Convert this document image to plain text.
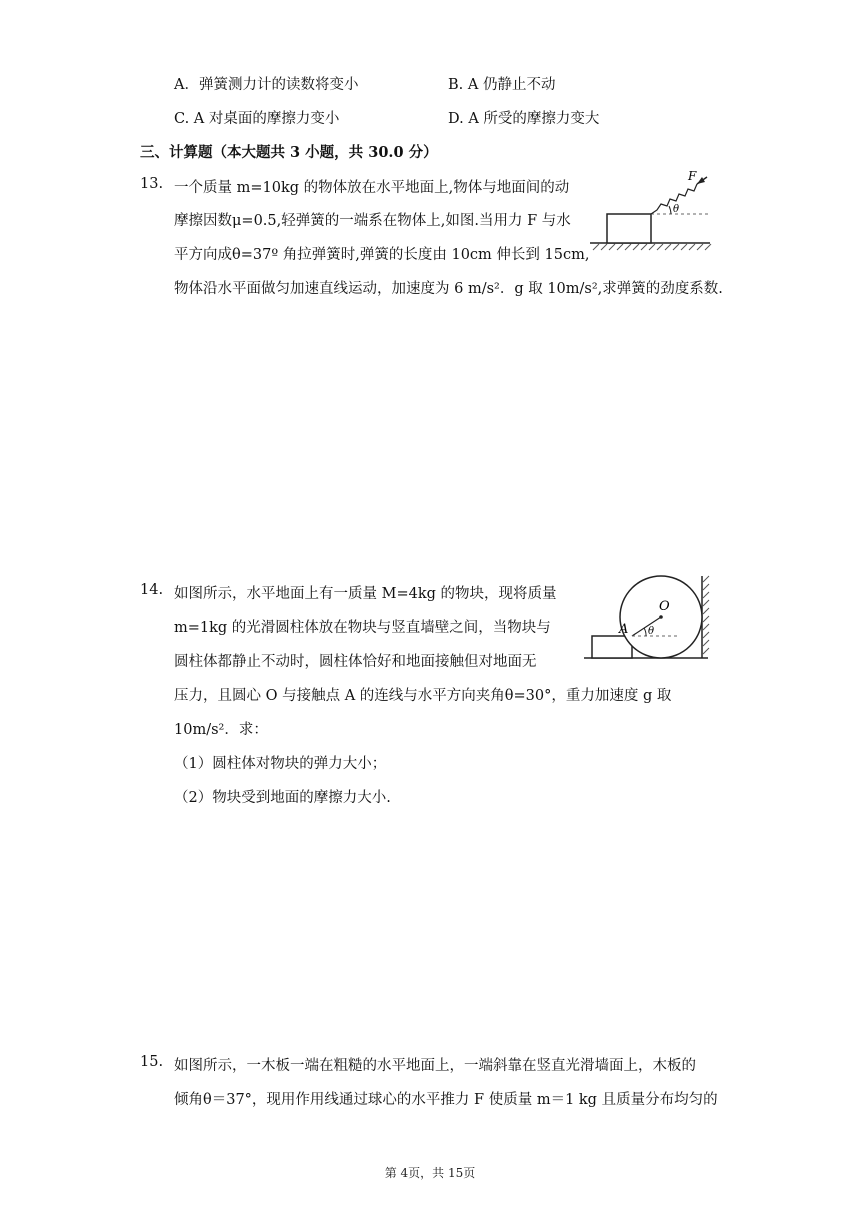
A．弹簧测力计的读数将变小	B. A 仍静止不动
C. A 对桌面的摩擦力变小	D. A 所受的摩擦力变大
三、计算题（本大题共 3 小题，共 30.0 分）
13. 一个质量 m=10kg 的物体放在水平地面上,物体与地面间的动
摩擦因数μ=0.5,轻弹簧的一端系在物体上,如图.当用力 F 与水
平方向成θ=37º 角拉弹簧时,弹簧的长度由 10cm 伸长到 15cm,
物体沿水平面做匀加速直线运动，加速度为 6 m/s²．g 取 10m/s²,求弹簧的劲度系数.
F
θ
14. 如图所示，水平地面上有一质量 M=4kg 的物块，现将质量
m=1kg 的光滑圆柱体放在物块与竖直墙壁之间，当物块与
圆柱体都静止不动时，圆柱体恰好和地面接触但对地面无
压力，且圆心 O 与接触点 A 的连线与水平方向夹角θ=30°，重力加速度 g 取
10m/s²．求：
（1）圆柱体对物块的弹力大小；
（2）物块受到地面的摩擦力大小.
O
A θ
15. 如图所示，一木板一端在粗糙的水平地面上，一端斜靠在竖直光滑墙面上，木板的
倾角θ＝37°，现用作用线通过球心的水平推力 F 使质量 m＝1 kg 且质量分布均匀的
第 4页，共 15页
